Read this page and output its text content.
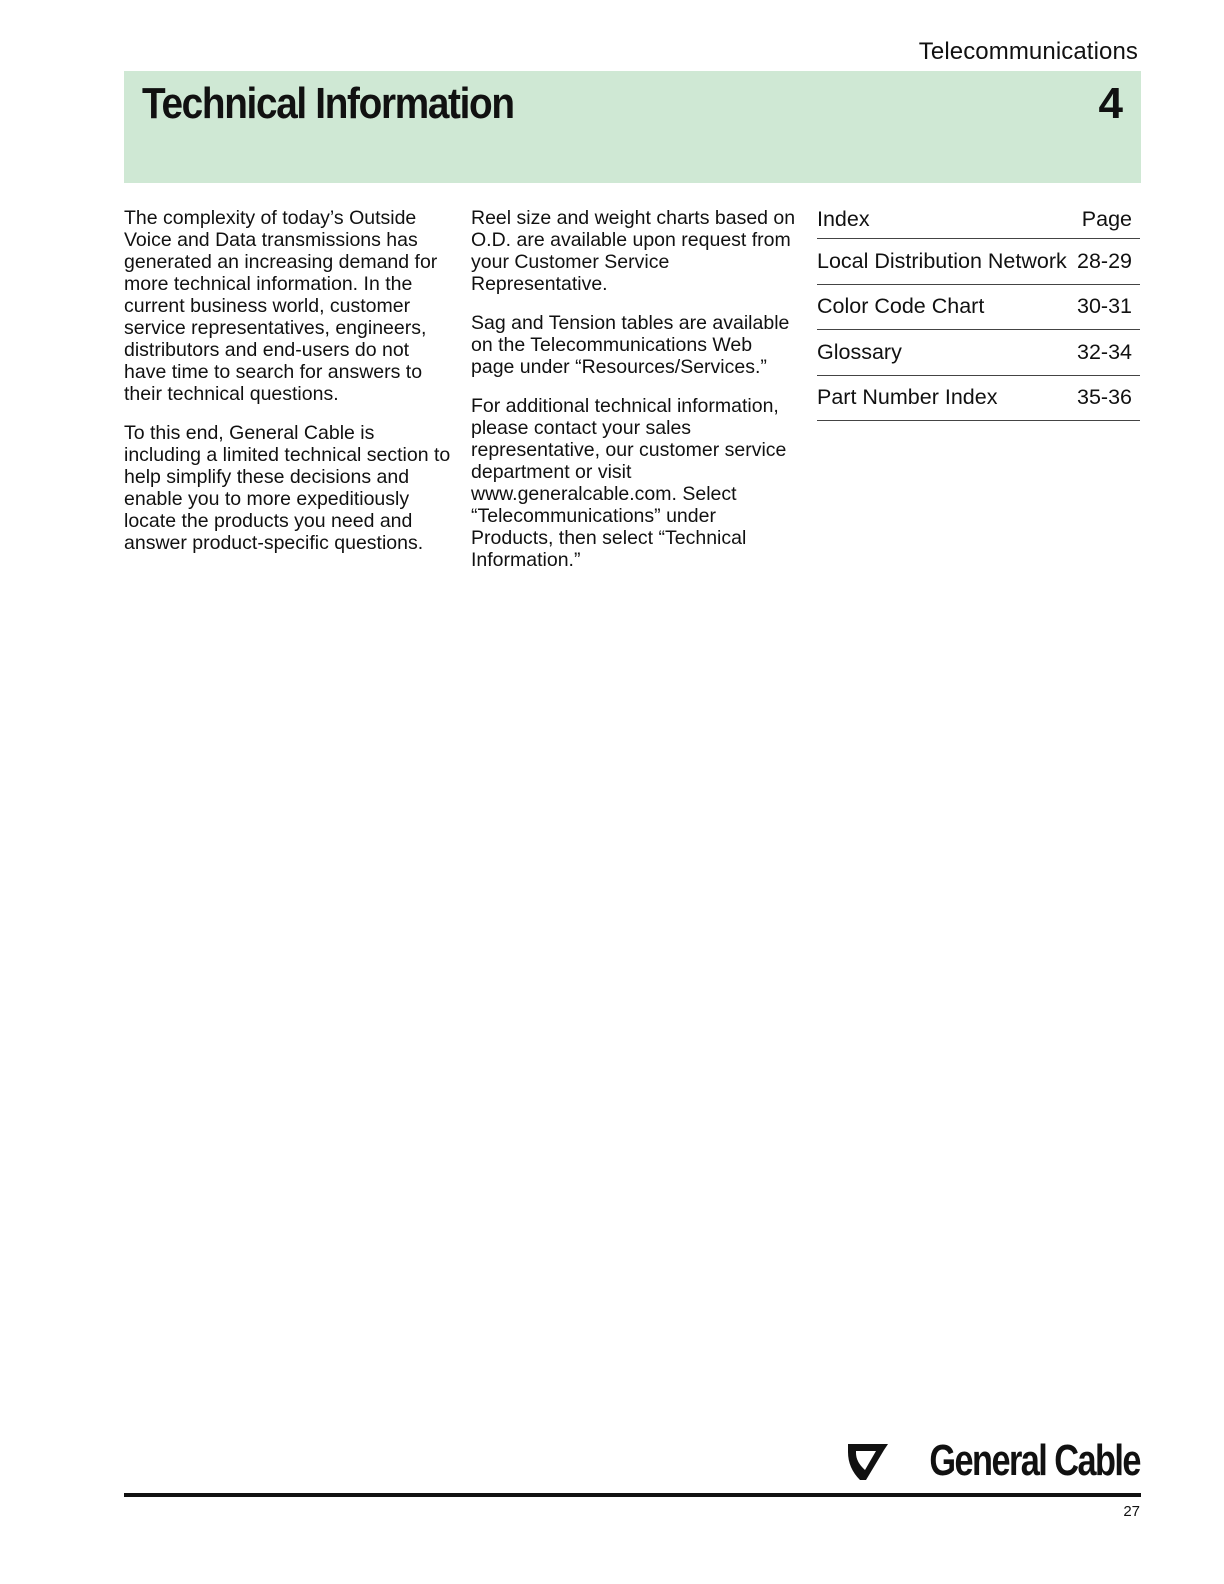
Telecommunications
Technical Information	4

The complexity of today’s Outside Voice and Data transmissions has generated an increasing demand for more technical information. In the current business world, customer service representatives, engineers, distributors and end-users do not have time to search for answers to their technical questions.

To this end, General Cable is including a limited technical section to help simplify these decisions and enable you to more expeditiously locate the products you need and answer product-specific questions.

Reel size and weight charts based on O.D. are available upon request from your Customer Service Representative.

Sag and Tension tables are available on the Telecommunications Web page under “Resources/Services.”

For additional technical information, please contact your sales representative, our customer service department or visit www.generalcable.com. Select “Telecommunications” under Products, then select “Technical Information.”

Index	Page
Local Distribution Network 28-29
Color Code Chart	30-31
Glossary	32-34
Part Number Index	35-36
General Cable
27
